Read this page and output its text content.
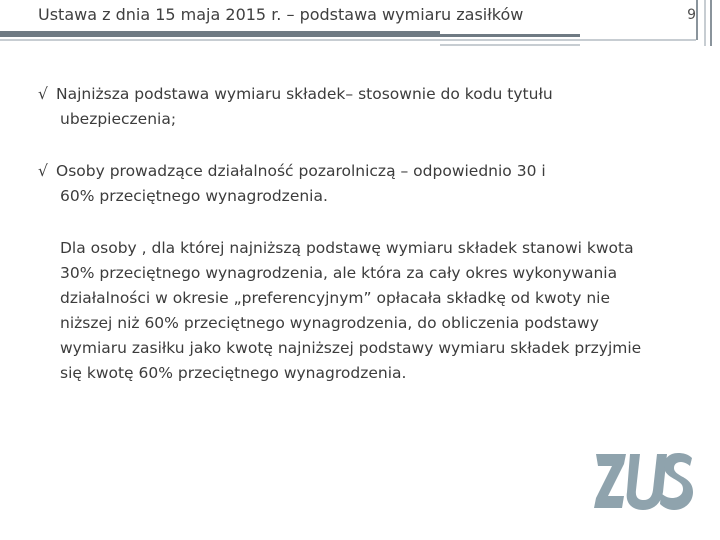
Ustawa z dnia 15 maja 2015 r. – podstawa wymiaru zasiłków	9
√ Najniższa podstawa wymiaru składek– stosownie do kodu tytułu
ubezpieczenia;
√ Osoby prowadzące działalność pozarolniczą – odpowiednio 30 i
60% przeciętnego wynagrodzenia.
Dla osoby , dla której najniższą podstawę wymiaru składek stanowi kwota
30% przeciętnego wynagrodzenia, ale która za cały okres wykonywania
działalności w okresie „preferencyjnym” opłacała składkę od kwoty nie
niższej niż 60% przeciętnego wynagrodzenia, do obliczenia podstawy
wymiaru zasiłku jako kwotę najniższej podstawy wymiaru składek przyjmie
się kwotę 60% przeciętnego wynagrodzenia.
